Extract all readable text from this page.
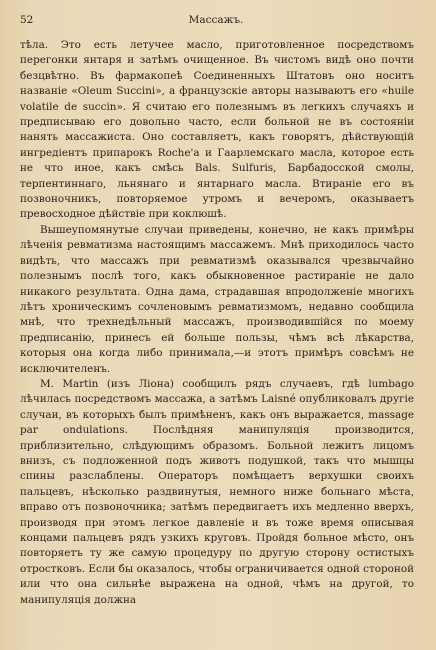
52	Массажъ.

тѣла. Это есть летучее масло, приготовленное посредствомъ перегонки янтаря и затѣмъ очищенное. Въ чистомъ видѣ оно почти безцвѣтно. Въ фармакопеѣ Соединенныхъ Штатовъ оно носитъ названіе «Oleum Succini», а французскіе авторы называютъ его «huile volatile de succin». Я считаю его полезнымъ въ легкихъ случаяхъ и предписываю его довольно часто, если больной не въ состояніи нанять массажиста. Оно составляетъ, какъ говорятъ, дѣйствующій ингредіентъ припарокъ Roche'а и Гаарлемскаго масла, которое есть не что иное, какъ смѣсь Bals. Sulfuris, Барбадосской смолы, терпентиннаго, льнянаго и янтарнаго масла. Втираніе его въ позвоночникъ, повторяемое утромъ и вечеромъ, оказываетъ превосходное дѣйствіе при коклюшѣ.

Вышеупомянутые случаи приведены, конечно, не какъ примѣры лѣченія ревматизма настоящимъ массажемъ. Мнѣ приходилось часто видѣть, что массажъ при ревматизмѣ оказывался чрезвычайно полезнымъ послѣ того, какъ обыкновенное растираніе не дало никакого результата. Одна дама, страдавшая впродолженіе многихъ лѣтъ хроническимъ сочленовымъ ревматизмомъ, недавно сообщила мнѣ, что трехнедѣльный массажъ, производившійся по моему предписанію, принесъ ей больше пользы, чѣмъ всѣ лѣкарства, которыя она когда либо принимала,—и этотъ примѣръ совсѣмъ не исключителенъ.

М. Martin (изъ Ліона) сообщилъ рядъ случаевъ, гдѣ lumbago лѣчилась посредствомъ массажа, а затѣмъ Laisné опубликовалъ другіе случаи, въ которыхъ былъ примѣненъ, какъ онъ выражается, massage par ondulations. Послѣдняя манипуляція производится, приблизительно, слѣдующимъ образомъ. Больной лежитъ лицомъ внизъ, съ подложенной подъ животъ подушкой, такъ что мышцы спины разслаблены. Операторъ помѣщаетъ верхушки своихъ пальцевъ, нѣсколько раздвинутыя, немного ниже больнаго мѣста, вправо отъ позвоночника; затѣмъ передвигаетъ ихъ медленно вверхъ, производя при этомъ легкое давленіе и въ тоже время описывая концами пальцевъ рядъ узкихъ круговъ. Пройдя больное мѣсто, онъ повторяетъ ту же самую процедуру по другую сторону остистыхъ отростковъ. Если бы оказалось, чтобы ограничивается одной стороной или что она сильнѣе выражена на одной, чѣмъ на другой, то манипуляція должна
